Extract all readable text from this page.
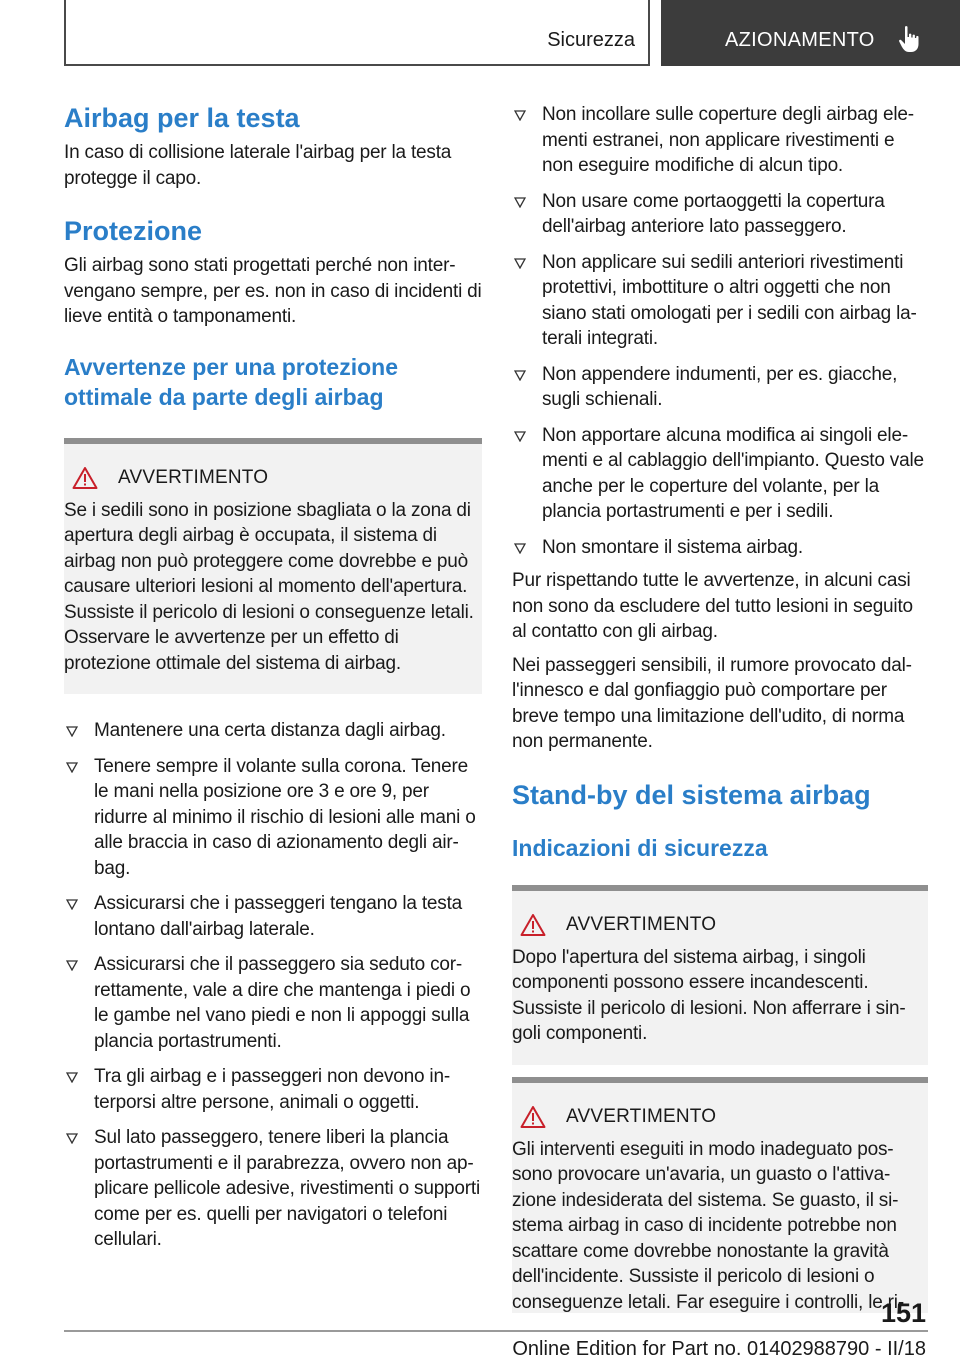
Sicurezza	AZIONAMENTO
Airbag per la testa

In caso di collisione laterale l'airbag per la testa protegge il capo.

Protezione

Gli airbag sono stati progettati perché non intervengano sempre, per es. non in caso di incidenti di lieve entità o tamponamenti.

Avvertenze per una protezione ottimale da parte degli airbag
AVVERTIMENTO

Se i sedili sono in posizione sbagliata o la zona di apertura degli airbag è occupata, il sistema di airbag non può proteggere come dovrebbe e può causare ulteriori lesioni al momento dell'apertura. Sussiste il pericolo di lesioni o conseguenze letali. Osservare le avvertenze per un effetto di protezione ottimale del sistema di airbag.

Mantenere una certa distanza dagli airbag.
Tenere sempre il volante sulla corona. Tenere le mani nella posizione ore 3 e ore 9, per ridurre al minimo il rischio di lesioni alle mani o alle braccia in caso di azionamento degli airbag.
Assicurarsi che i passeggeri tengano la testa lontano dall'airbag laterale.
Assicurarsi che il passeggero sia seduto correttamente, vale a dire che mantenga i piedi o le gambe nel vano piedi e non li appoggi sulla plancia portastrumenti.
Tra gli airbag e i passeggeri non devono interporsi altre persone, animali o oggetti.
Sul lato passeggero, tenere liberi la plancia portastrumenti e il parabrezza, ovvero non applicare pellicole adesive, rivestimenti o supporti come per es. quelli per navigatori o telefoni cellulari.
Non incollare sulle coperture degli airbag elementi estranei, non applicare rivestimenti e non eseguire modifiche di alcun tipo.
Non usare come portaoggetti la copertura dell'airbag anteriore lato passeggero.
Non applicare sui sedili anteriori rivestimenti protettivi, imbottiture o altri oggetti che non siano stati omologati per i sedili con airbag laterali integrati.
Non appendere indumenti, per es. giacche, sugli schienali.
Non apportare alcuna modifica ai singoli elementi e al cablaggio dell'impianto. Questo vale anche per le coperture del volante, per la plancia portastrumenti e per i sedili.
Non smontare il sistema airbag.

Pur rispettando tutte le avvertenze, in alcuni casi non sono da escludere del tutto lesioni in seguito al contatto con gli airbag.

Nei passeggeri sensibili, il rumore provocato dall'innesco e dal gonfiaggio può comportare per breve tempo una limitazione dell'udito, di norma non permanente.

Stand-by del sistema airbag
Indicazioni di sicurezza
AVVERTIMENTO

Dopo l'apertura del sistema airbag, i singoli componenti possono essere incandescenti. Sussiste il pericolo di lesioni. Non afferrare i singoli componenti.

AVVERTIMENTO

Gli interventi eseguiti in modo inadeguato possono provocare un'avaria, un guasto o l'attivazione indesiderata del sistema. Se guasto, il sistema airbag in caso di incidente potrebbe non scattare come dovrebbe nonostante la gravità dell'incidente. Sussiste il pericolo di lesioni o conseguenze letali. Far eseguire i controlli, le ri-

151
Online Edition for Part no. 01402988790 - II/18
